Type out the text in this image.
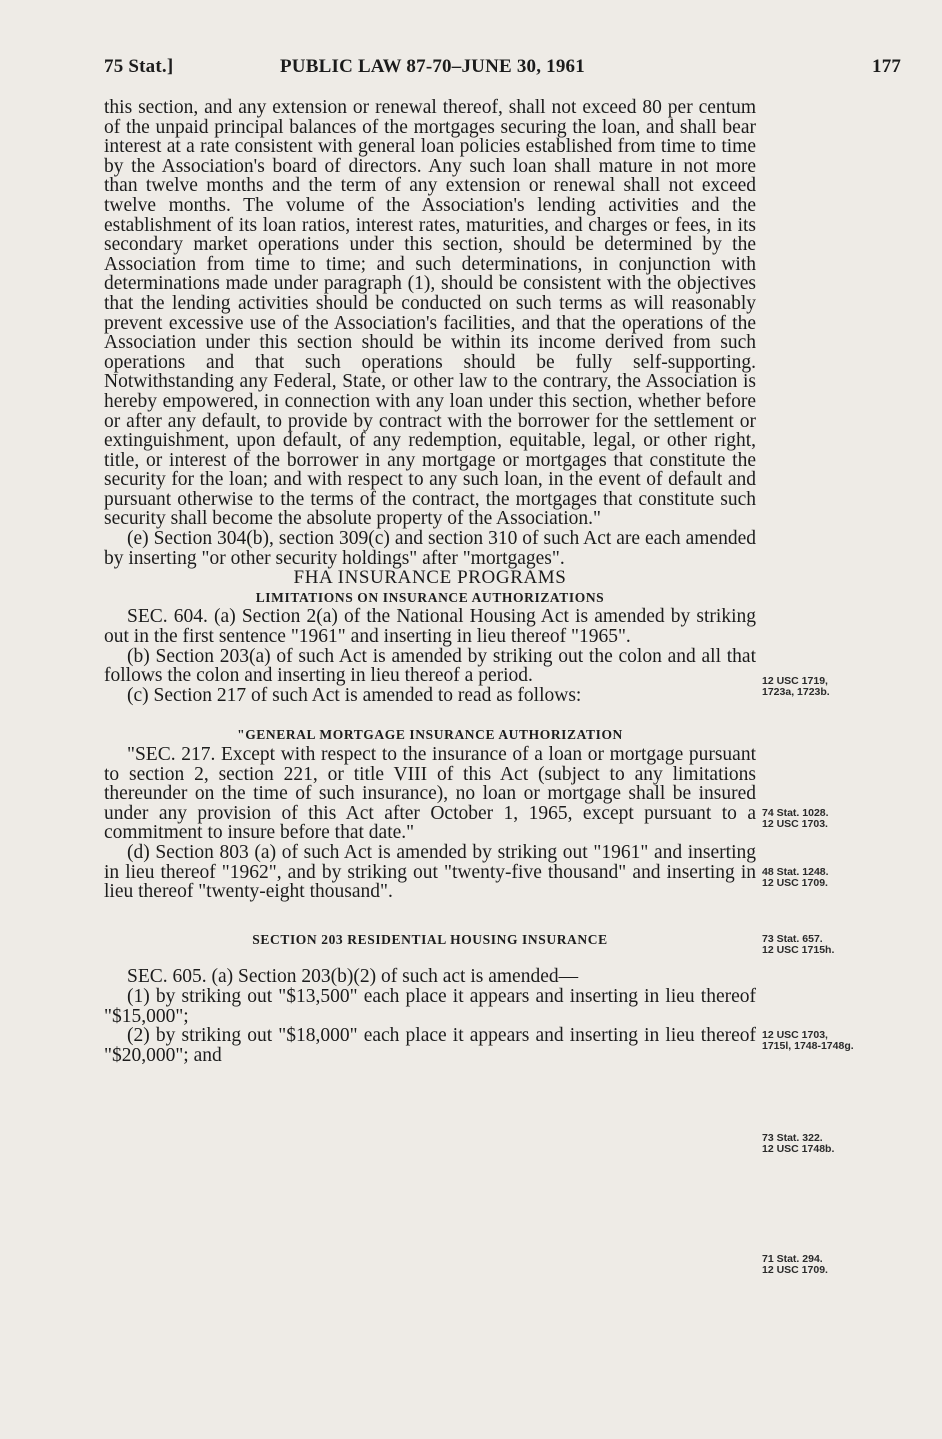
75 Stat.]	PUBLIC LAW 87-70–JUNE 30, 1961	177

this section, and any extension or renewal thereof, shall not exceed 80 per centum of the unpaid principal balances of the mortgages securing the loan, and shall bear interest at a rate consistent with general loan policies established from time to time by the Association's board of directors. Any such loan shall mature in not more than twelve months and the term of any extension or renewal shall not exceed twelve months. The volume of the Association's lending activities and the establishment of its loan ratios, interest rates, maturities, and charges or fees, in its secondary market operations under this section, should be determined by the Association from time to time; and such determinations, in conjunction with determinations made under paragraph (1), should be consistent with the objectives that the lending activities should be conducted on such terms as will reasonably prevent excessive use of the Association's facilities, and that the operations of the Association under this section should be within its income derived from such operations and that such operations should be fully self-supporting. Notwithstanding any Federal, State, or other law to the contrary, the Association is hereby empowered, in connection with any loan under this section, whether before or after any default, to provide by contract with the borrower for the settlement or extinguishment, upon default, of any redemption, equitable, legal, or other right, title, or interest of the borrower in any mortgage or mortgages that constitute the security for the loan; and with respect to any such loan, in the event of default and pursuant otherwise to the terms of the contract, the mortgages that constitute such security shall become the absolute property of the Association."

(e) Section 304(b), section 309(c) and section 310 of such Act are each amended by inserting "or other security holdings" after "mortgages".

FHA INSURANCE PROGRAMS

LIMITATIONS ON INSURANCE AUTHORIZATIONS

SEC. 604. (a) Section 2(a) of the National Housing Act is amended by striking out in the first sentence "1961" and inserting in lieu thereof "1965".

(b) Section 203(a) of such Act is amended by striking out the colon and all that follows the colon and inserting in lieu thereof a period.

(c) Section 217 of such Act is amended to read as follows:

"GENERAL MORTGAGE INSURANCE AUTHORIZATION

"SEC. 217. Except with respect to the insurance of a loan or mortgage pursuant to section 2, section 221, or title VIII of this Act (subject to any limitations thereunder on the time of such insurance), no loan or mortgage shall be insured under any provision of this Act after October 1, 1965, except pursuant to a commitment to insure before that date."

(d) Section 803 (a) of such Act is amended by striking out "1961" and inserting in lieu thereof "1962", and by striking out "twenty-five thousand" and inserting in lieu thereof "twenty-eight thousand".

SECTION 203 RESIDENTIAL HOUSING INSURANCE

SEC. 605. (a) Section 203(b)(2) of such act is amended—

(1) by striking out "$13,500" each place it appears and inserting in lieu thereof "$15,000";

(2) by striking out "$18,000" each place it appears and inserting in lieu thereof "$20,000"; and

12 USC 1719,
1723a, 1723b.
74 Stat. 1028.
12 USC 1703.
48 Stat. 1248.
12 USC 1709.
73 Stat. 657.
12 USC 1715h.
12 USC 1703,
1715l, 1748-1748g.
73 Stat. 322.
12 USC 1748b.
71 Stat. 294.
12 USC 1709.
